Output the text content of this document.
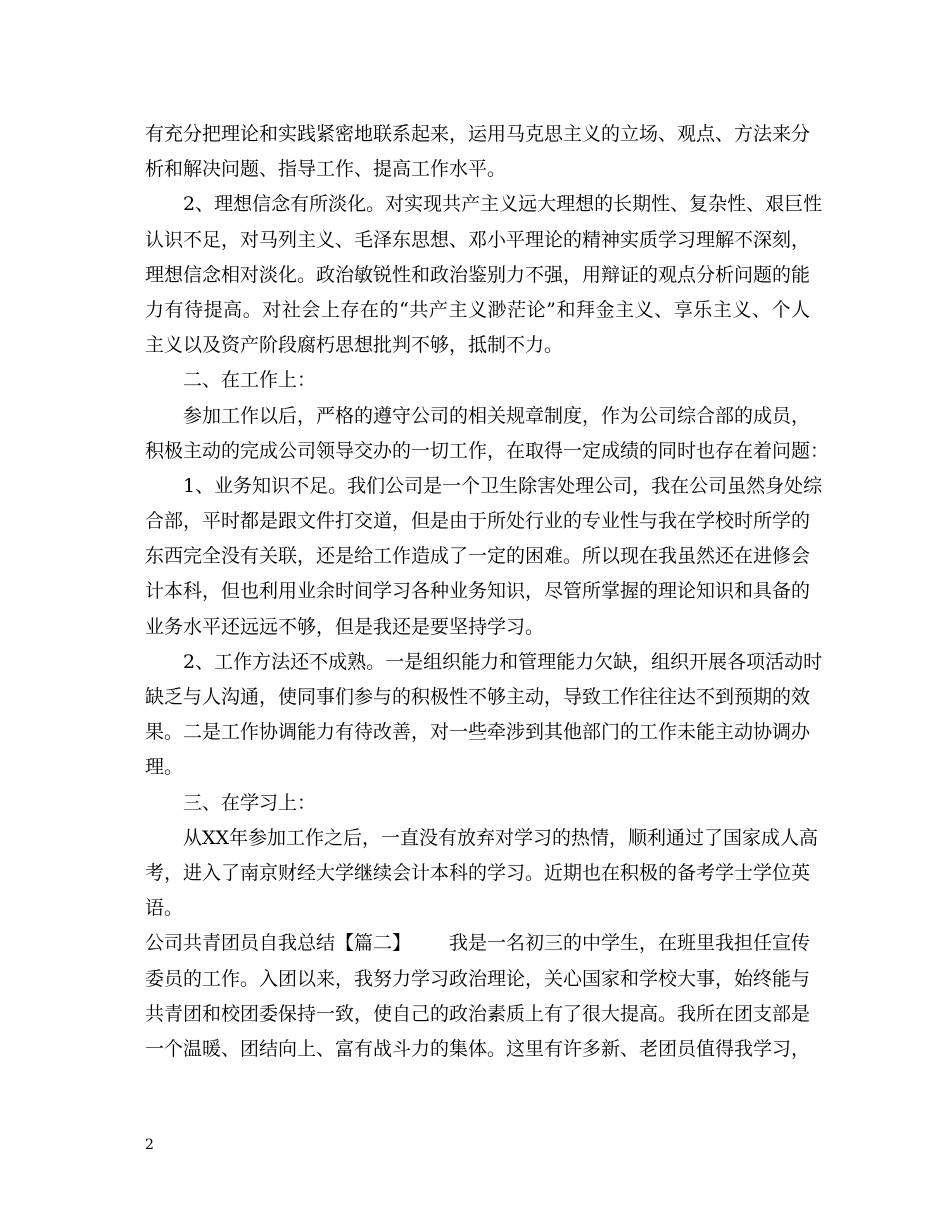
有充分把理论和实践紧密地联系起来，运用马克思主义的立场、观点、方法来分
析和解决问题、指导工作、提高工作水平。
2、理想信念有所淡化。对实现共产主义远大理想的长期性、复杂性、艰巨性
认识不足，对马列主义、毛泽东思想、邓小平理论的精神实质学习理解不深刻，
理想信念相对淡化。政治敏锐性和政治鉴别力不强，用辩证的观点分析问题的能
力有待提高。对社会上存在的“共产主义渺茫论”和拜金主义、享乐主义、个人
主义以及资产阶段腐朽思想批判不够，抵制不力。
二、在工作上：
参加工作以后，严格的遵守公司的相关规章制度，作为公司综合部的成员，
积极主动的完成公司领导交办的一切工作，在取得一定成绩的同时也存在着问题：
1、业务知识不足。我们公司是一个卫生除害处理公司，我在公司虽然身处综
合部，平时都是跟文件打交道，但是由于所处行业的专业性与我在学校时所学的
东西完全没有关联，还是给工作造成了一定的困难。所以现在我虽然还在进修会
计本科，但也利用业余时间学习各种业务知识，尽管所掌握的理论知识和具备的
业务水平还远远不够，但是我还是要坚持学习。
2、工作方法还不成熟。一是组织能力和管理能力欠缺，组织开展各项活动时
缺乏与人沟通，使同事们参与的积极性不够主动，导致工作往往达不到预期的效
果。二是工作协调能力有待改善，对一些牵涉到其他部门的工作未能主动协调办
理。
三、在学习上：
从XX年参加工作之后，一直没有放弃对学习的热情，顺利通过了国家成人高
考，进入了南京财经大学继续会计本科的学习。近期也在积极的备考学士学位英
语。
公司共青团员自我总结【篇二】 我是一名初三的中学生，在班里我担任宣传
委员的工作。入团以来，我努力学习政治理论，关心国家和学校大事，始终能与
共青团和校团委保持一致，使自己的政治素质上有了很大提高。我所在团支部是
一个温暖、团结向上、富有战斗力的集体。这里有许多新、老团员值得我学习，
2
